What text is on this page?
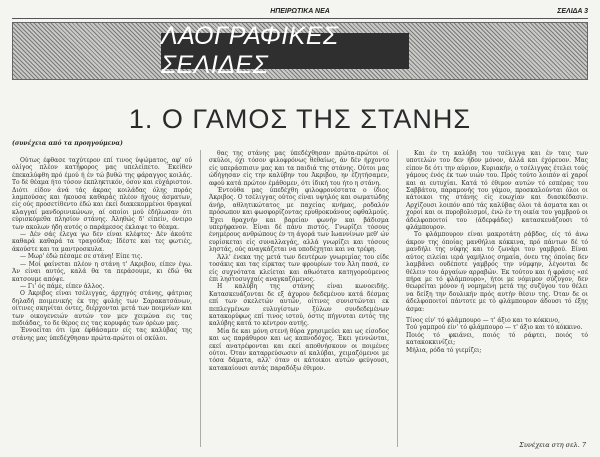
ΗΠΕΙΡΩΤΙΚΑ ΝΕΑ	ΣΕΛΙΔΑ 3
ΛΑΟΓΡΑΦΙΚΕΣ ΣΕΛΙΔΕΣ
1. Ο ΓΑΜΟΣ ΤΗΣ ΣΤΑΝΗΣ

(συνέχεια από τα προηγούμενα)

Ούτως έφθασε ταχύτερον επί τινος ύψώματος, αφ' ού ολίγος πλέον κατήφορος μας υπελείπετο. Έκείθεν έπεκαλύφθη πρό έμού ή έν τώ βυθώ της φάραγγος κοιλάς. Το δέ θέαμα ήτο τόσον έκπληκτικόν, όσον και εύχάριστον. Διότι είδον άνά τάς άκρας κοιλάδας όλης πυράς λαμπούσας και ήκουσα καθαράς πλέον ήχους άσματων, είς ούς προσετίθεντο έδώ και έκεί διακεκομμένοι θραγκαί κλαγγαί μανδορινικώνων, αί οποίοι μού έδήλωσαν ότι εύρισκόμεθα πλησίον στάνης. Άληθώς δ' είπείν, όνειρο των ακολων ήδη αυτός ο παράμεσος έκλαψε το θέαμα.

— Δέν σάς έλεγα γω δεν είναι κλέφτες· Δέν άκούτε καθαρά καθαρά τα τραγούδια; Ιδέστε και τες φωτιές, άκούστε και τα μαντροσκυλα.

— Μωρ' έδώ πέσαμε σε στάνη! Είπε τις.

— Μοί φαίνεται πλέον η στάνη τ' Ακριβου, είπεν έγω. Άν είναι αυτός, καλά θα τα περάσουμε, κι έδώ θα κατσουμε απόψε.

— Γι' ός πάμε, είπεν άλλος.

Ο Άκριβος είναι τσέλιγγας, άρχηγός στάνης, φάτριας δηλαδή ποιμενικής έκ της φυλής των Σαρακατσάνων, οίτινες σκηνίται όντες, διέρχονται μετά των ποιμνίων και των οικογενειών αυτών τον μεν χειμώνα εις τας πεδιάδας, το δε θέρος εις τας κορυφάς των όρέων μας.

Έννοείται ότι ίμα έφθάσαμεν είς τας καλύβας της στάνης μας ύπεδέχθησαν πρώτα-πρώτοι οί σκύλοι.

θας της στάνης μας ύπεδέχθησαν πρώτα-πρώτοι οί σκύλοι, όχι τόσον φιλοφρόνως θεθαίως, άν δέν ήρχοντο είς υπεράσπισιν μας και τα παιδιά της στάνης. Ούτοι μας ώδήγησαν είς την καλύβην του Άκριβου, ην έζητήσαμεν, αφού κατά πρώτον έμάθομεν, ότι ίδική του ήτο η στάνη.

Έντούθα μας ύπεδέχθη φιλοφρονέστατα ο ίδιος Άκριβος. Ο τσέλιγγας ούτος είναι υψηλός και σωματώδης άνήρ, αθλητικώτατος με παχείας κνήμας, ροδαλόν πρόσωπον και φωσφορίζοντας ερυθροκυάνους οφθαλμούς. Έχει θραχνήν και βαρείαν φωνήν και βάδισμα υπερήφανον. Είναι δέ πάνυ πιστός. Γνωρίζει τόσους ένημέρους ανθρώπους έν τη άγορά των Ιωαννίνων μεθ' ών ευρίσκεται είς συναλλαγάς, αλλά γνωρίζει και τόσους ληστάς, ούς αναγκάζεται να υποδέχηται και να τρέφη.

Άλλ' ένεκα της μετά των δευτέρων γνωριμίας του είδε τοσάκις και τας είρκτας των φρουρίων του Άλη πασά, εν είς συχνότατα κλείεται και αθωότατα κατηγορούμενος έπι ληστοσυγχαίς αναγκαζόμενος.

Η καλύβη της στάνης είναι κωνοειδής. Κατασκευάζονται δε εξ άχυρου δεδεμένου κατά δέσμας επί των σκελετών αυτών, οίτινες συνιστώνται εκ πεπλεγμένων ευλυγίστων ξύλων συνδεδεμένων κατακορύφως επί τινος ιστού, όστις πήγνυται εντός της καλύβης κατά το κέντρον αυτής.

Μία δε και μόνη στενή θύρα χρησιμεύει και ως είσοδος και ως παράθυρον και ως καπνοδόχος. Έκει γεννώνται, εκεί ανατρέφονται και εκεί αποθνήσκουν οι ποιμένες ούτοι. Όταν καταρρεύσωσιν αί καλύβαι, χειμαζόμενοι με τόσα δάματα, αλλ' όταν οι κάτοικοι αυτών φεύγουσι, κατακαίουσι αυτάς παραδόξω έθιμον.

Και έν τη καλύβη του τσέλιγγα και έν ταις των υποτελών του δεν ήδον μόνον, άλλά και έχόρευον. Μας είπον δε ότι την αύριον, Κυριακήν, ο τσέλιγγας έτελει τούς γάμους ένός έκ των υιών του. Πρός τούτο λοιπόν αί χαροί και αι ευτυχίαι. Κατά τό έθιμον αυτών τό εσπέρας του Σαββάτου, παραμονής του γάμου, προσκαλούνται όλοι οι κάτοικοι της στάνης είς ευωχίαν και διασκέδασιν. Αρχίζουσι λοιπόν από τάς καλύβας όλοι τά άσματα και οι χοροί και οι πυροβολισμοί, ένώ έν τη οικία του γαμβρού οι άδελφοποιτοί του (άδερφάδες) κατασκευάζουσι τό φλάμπουρον.

Το φλάμπουρον είναι μακροτάτη ράβδος, είς τό άνω άκρον της όποίας μανθήλια κόκκινα, πρό πάντων δέ τό μανδήλι της νύφης και τό ζωνάρι του γαμβρού. Είναι αύτος ειλείαι ιερά γαμήλιος σημαία, όνευ της όποίας δεν λαμβάνει ουδέποτε γαμβρός την νύμφην, λέγονται δε θέλειν του άργαίων αρραβών. Έκ τούτου και ή φράσις «σέ πήρα με τό φλάμπουρο», ήτοι με νόμιμον σύζυγον, δεν θεωρείται μόνον ή νομημένη μετά της συζύγου του θέλει να δείξη την δουλικήν πρός αυτήν θέσιν της. Όταν δε οι άδελφοποιτοί πάντοτε με τό φλάμπουρον άδουσι τό έξης άσμα:

Τίνος είν' τό φλάμπουρο — τ' άξιο και το κόκκινο,

Τού γαμπρού είν' τό φλάμπουρο — τ' άξιο και τό κόκκινο.

Ποιός τό φκιάνει, ποιός τό ράφτει, ποιός τό κατακοκκινίζει;

Μήλια, ρόδα τό γιεμίζει;

Συνέχεια στη σελ. 7
